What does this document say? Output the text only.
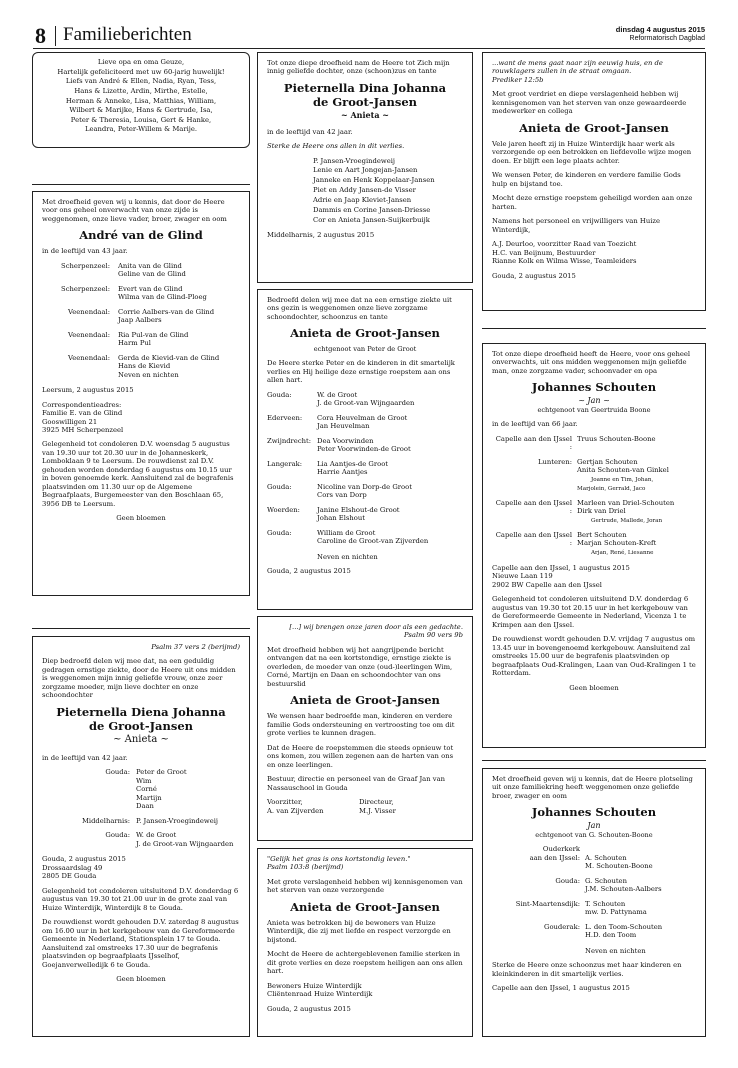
8 Familieberichten	dinsdag 4 augustus 2015
Reformatorisch Dagblad
Lieve opa en oma Geuze,
Hartelijk gefeliciteerd met uw 60-jarig huwelijk!
Liefs van André & Ellen, Nadia, Ryan, Tess,
Hans & Lizette, Ardin, Mirthe, Estelle,
Herman & Anneke, Lisa, Matthias, William,
Wilbert & Marijke, Hans & Gertrude, Isa,
Peter & Theresia, Louisa, Gert & Hanke,
Leandra, Peter-Willem & Marije.

Met droefheid geven wij u kennis, dat door de Heere voor ons geheel onverwacht van onze zijde is weggenomen, onze lieve vader, broer, zwager en oom

André van de Glind

in de leeftijd van 43 jaar.

Scherpenzeel:	Anita van de Glind
Geline van de Glind
Scherpenzeel:	Evert van de Glind
Wilma van de Glind-Ploeg
Veenendaal:	Corrie Aalbers-van de Glind
Jaap Aalbers
Veenendaal:	Ria Pul-van de Glind
Harm Pul
Veenendaal:	Gerda de Kievid-van de Glind
Hans de Kievid
Neven en nichten

Leersum, 2 augustus 2015

Correspondentieadres:
Familie E. van de Glind
Gooswilligen 21
3925 MH Scherpenzeel

Gelegenheid tot condoleren D.V. woensdag 5 augustus van 19.30 uur tot 20.30 uur in de Johanneskerk, Lomboklaan 9 te Leersum. De rouwdienst zal D.V. gehouden worden donderdag 6 augustus om 10.15 uur in boven genoemde kerk. Aansluitend zal de begrafenis plaatsvinden om 11.30 uur op de Algemene Begraafplaats, Burgemeester van den Boschlaan 65, 3956 DB te Leersum.

Geen bloemen

Psalm 37 vers 2 (berijmd)

Diep bedroefd delen wij mee dat, na een geduldig gedragen ernstige ziekte, door de Heere uit ons midden is weggenomen mijn innig geliefde vrouw, onze zeer zorgzame moeder, mijn lieve dochter en onze schoondochter

Pieternella Diena Johanna
de Groot-Jansen
~ Anieta ~

in de leeftijd van 42 jaar.

Gouda: Peter de Groot
Wim
Corné
Martijn
Daan
Middelharnis: P. Jansen-Vroegindeweij
Gouda: W. de Groot
J. de Groot-van Wijngaarden
Gouda, 2 augustus 2015
Drossaardslag 49
2805 DE Gouda

Gelegenheid tot condoleren uitsluitend D.V. donderdag 6 augustus van 19.30 tot 21.00 uur in de grote zaal van Huize Winterdijk, Winterdijk 8 te Gouda.

De rouwdienst wordt gehouden D.V. zaterdag 8 augustus om 16.00 uur in het kerkgebouw van de Gereformeerde Gemeente in Nederland, Stationsplein 17 te Gouda. Aansluitend zal omstreeks 17.30 uur de begrafenis plaatsvinden op begraafplaats IJsselhof, Goejanverwelledijk 6 te Gouda.

Geen bloemen

Tot onze diepe droefheid nam de Heere tot Zich mijn innig geliefde dochter, onze (schoon)zus en tante

Pieternella Dina Johanna
de Groot-Jansen
~ Anieta ~

in de leeftijd van 42 jaar.

Sterke de Heere ons allen in dit verlies.

P. Jansen-Vroegindeweij
Lenie en Aart Jongejan-Jansen
Janneke en Henk Koppelaar-Jansen
Piet en Addy Jansen-de Visser
Adrie en Jaap Kleviet-Jansen
Dammis en Corine Jansen-Driesse
Cor en Anieta Jansen-Suijkerbuijk
Middelharnis, 2 augustus 2015

Bedroefd delen wij mee dat na een ernstige ziekte uit ons gezin is weggenomen onze lieve zorgzame schoondochter, schoonzus en tante

Anieta de Groot-Jansen
echtgenoot van Peter de Groot

De Heere sterke Peter en de kinderen in dit smartelijk verlies en Hij heilige deze ernstige roepstem aan ons allen hart.

Gouda:	W. de Groot
J. de Groot-van Wijngaarden
Ederveen:	Cora Heuvelman de Groot
Jan Heuvelman
Zwijndrecht: Dea Voorwinden
Peter Voorwinden-de Groot
Langerak:	Lia Aantjes-de Groot
Harrie Aantjes
Gouda:	Nicoline van Dorp-de Groot
Cors van Dorp
Woerden:	Janine Elshout-de Groot
Johan Elshout
Gouda:	William de Groot
Caroline de Groot-van Zijverden

Neven en nichten

Gouda, 2 augustus 2015
[...] wij brengen onze jaren door als een gedachte.

Psalm 90 vers 9b

Met droefheid hebben wij het aangrijpende bericht ontvangen dat na een kortstondige, ernstige ziekte is overleden, de moeder van onze (oud-)leerlingen Wim, Corné, Martijn en Daan en schoondochter van ons bestuurslid

Anieta de Groot-Jansen

We wensen haar bedroefde man, kinderen en verdere familie Gods ondersteuning en vertroosting toe om dit grote verlies te kunnen dragen.

Dat de Heere de roepstemmen die steeds opnieuw tot ons komen, zou willen zegenen aan de harten van ons en onze leerlingen.

Bestuur, directie en personeel van de Graaf Jan van Nassauschool in Gouda

Voorzitter,
A. van Zijverden
Directeur,
M.J. Visser
"Gelijk het gras is ons kortstondig leven."

Psalm 103:8 (berijmd)

Met grote verslagenheid hebben wij kennisgenomen van het sterven van onze verzorgende

Anieta de Groot-Jansen

Anieta was betrokken bij de bewoners van Huize Winterdijk, die zij met liefde en respect verzorgde en bijstond.

Mocht de Heere de achtergeblevenen familie sterken in dit grote verlies en deze roepstem heiligen aan ons allen hart.

Bewoners Huize Winterdijk

Cliëntenraad Huize Winterdijk

Gouda, 2 augustus 2015
...want de mens gaat naar zijn eeuwig huis, en de rouwklagers zullen in de straat omgaan.

Prediker 12:5b

Met groot verdriet en diepe verslagenheid hebben wij kennisgenomen van het sterven van onze gewaardeerde medewerker en collega

Anieta de Groot-Jansen

Vele jaren heeft zij in Huize Winterdijk haar werk als verzorgende op een betrokken en liefdevolle wijze mogen doen. Er blijft een lege plaats achter.

We wensen Peter, de kinderen en verdere familie Gods hulp en bijstand toe.

Mocht deze ernstige roepstem geheiligd worden aan onze harten.

Namens het personeel en vrijwilligers van Huize Winterdijk,

A.J. Deurloo, voorzitter Raad van Toezicht
H.C. van Beijnum, Bestuurder

Rianne Kolk en Wilma Wisse, Teamleiders

Gouda, 2 augustus 2015

Tot onze diepe droefheid heeft de Heere, voor ons geheel onverwachts, uit ons midden weggenomen mijn geliefde man, onze zorgzame vader, schoonvader en opa

Johannes Schouten
~ Jan ~
echtgenoot van Geertruida Boone

in de leeftijd van 66 jaar.

Capelle aan den IJssel :
Truus Schouten-Boone
Lunteren: Gertjan Schouten
Anita Schouten-van Ginkel
Joanne en Tim, Johan,
Marjolein, Gerrald, Jaco
Capelle aan den IJssel :
Marleen van Driel-Schouten
Dirk van Driel
Gertrude, Mallede, Joran
Capelle aan den IJssel :
Bert Schouten
Marjan Schouten-Kreft
Arjan, René, Liesanne
Capelle aan den IJssel, 1 augustus 2015
Nieuwe Laan 119
2902 BW Capelle aan den IJssel

Gelegenheid tot condoleren uitsluitend D.V. donderdag 6 augustus van 19.30 tot 20.15 uur in het kerkgebouw van de Gereformeerde Gemeente in Nederland, Vicenza 1 te Krimpen aan den IJssel.

De rouwdienst wordt gehouden D.V. vrijdag 7 augustus om 13.45 uur in bovengenoemd kerkgebouw. Aansluitend zal omstreeks 15.00 uur de begrafenis plaatsvinden op begraafplaats Oud-Kralingen, Laan van Oud-Kralingen 1 te Rotterdam.

Geen bloemen

Met droefheid geven wij u kennis, dat de Heere plotseling uit onze familiekring heeft weggenomen onze geliefde broer, zwager en oom

Johannes Schouten
Jan
echtgenoot van G. Schouten-Boone
Ouderkerk
aan den IJssel:
A. Schouten
M. Schouten-Boone
Gouda: G. Schouten
J.M. Schouten-Aalbers
Sint-Maartensdijk: T. Schouten
mw. D. Pattynama
Gouderak: L. den Toom-Schouten
H.D. den Toom

Neven en nichten

Sterke de Heere onze schoonzus met haar kinderen en kleinkinderen in dit smartelijk verlies.

Capelle aan den IJssel, 1 augustus 2015
